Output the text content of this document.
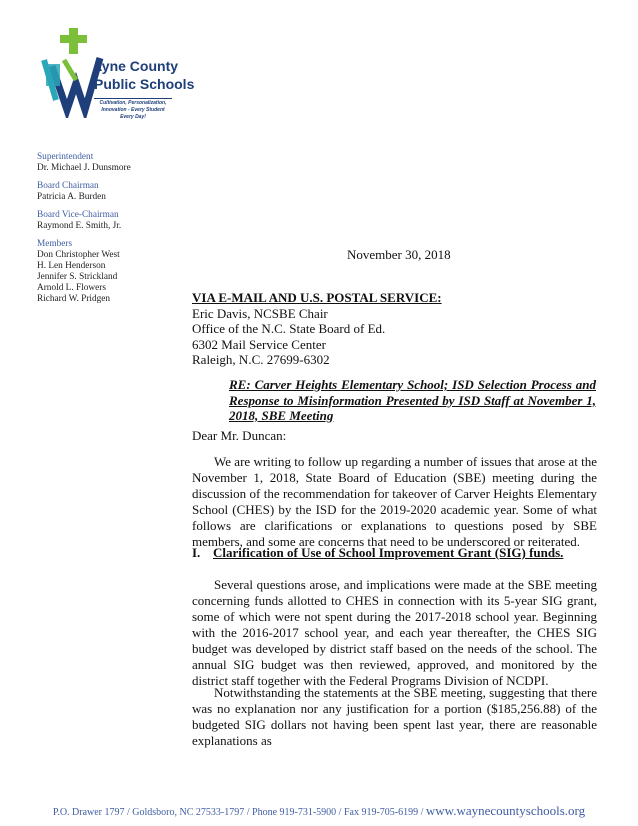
ayne County
Public Schools
Cultivation, Personalization, Innovation - Every Student Every Day!
Superintendent
Dr. Michael J. Dunsmore
Board Chairman
Patricia A. Burden
Board Vice-Chairman
Raymond E. Smith, Jr.
Members
Don Christopher West
H. Len Henderson
Jennifer S. Strickland
Arnold L. Flowers
Richard W. Pridgen
November 30, 2018
VIA E-MAIL AND U.S. POSTAL SERVICE:
Eric Davis, NCSBE Chair
Office of the N.C. State Board of Ed.
6302 Mail Service Center
Raleigh, N.C. 27699-6302
RE: Carver Heights Elementary School; ISD Selection Process and Response to Misinformation Presented by ISD Staff at November 1, 2018, SBE Meeting
Dear Mr. Duncan:

We are writing to follow up regarding a number of issues that arose at the November 1, 2018, State Board of Education (SBE) meeting during the discussion of the recommendation for takeover of Carver Heights Elementary School (CHES) by the ISD for the 2019-2020 academic year. Some of what follows are clarifications or explanations to questions posed by SBE members, and some are concerns that need to be underscored or reiterated.

I. Clarification of Use of School Improvement Grant (SIG) funds.

Several questions arose, and implications were made at the SBE meeting concerning funds allotted to CHES in connection with its 5-year SIG grant, some of which were not spent during the 2017-2018 school year. Beginning with the 2016-2017 school year, and each year thereafter, the CHES SIG budget was developed by district staff based on the needs of the school. The annual SIG budget was then reviewed, approved, and monitored by the district staff together with the Federal Programs Division of NCDPI.

Notwithstanding the statements at the SBE meeting, suggesting that there was no explanation nor any justification for a portion ($185,256.88) of the budgeted SIG dollars not having been spent last year, there are reasonable explanations as

P.O. Drawer 1797 / Goldsboro, NC 27533-1797 / Phone 919-731-5900 / Fax 919-705-6199 / www.waynecountyschools.org
